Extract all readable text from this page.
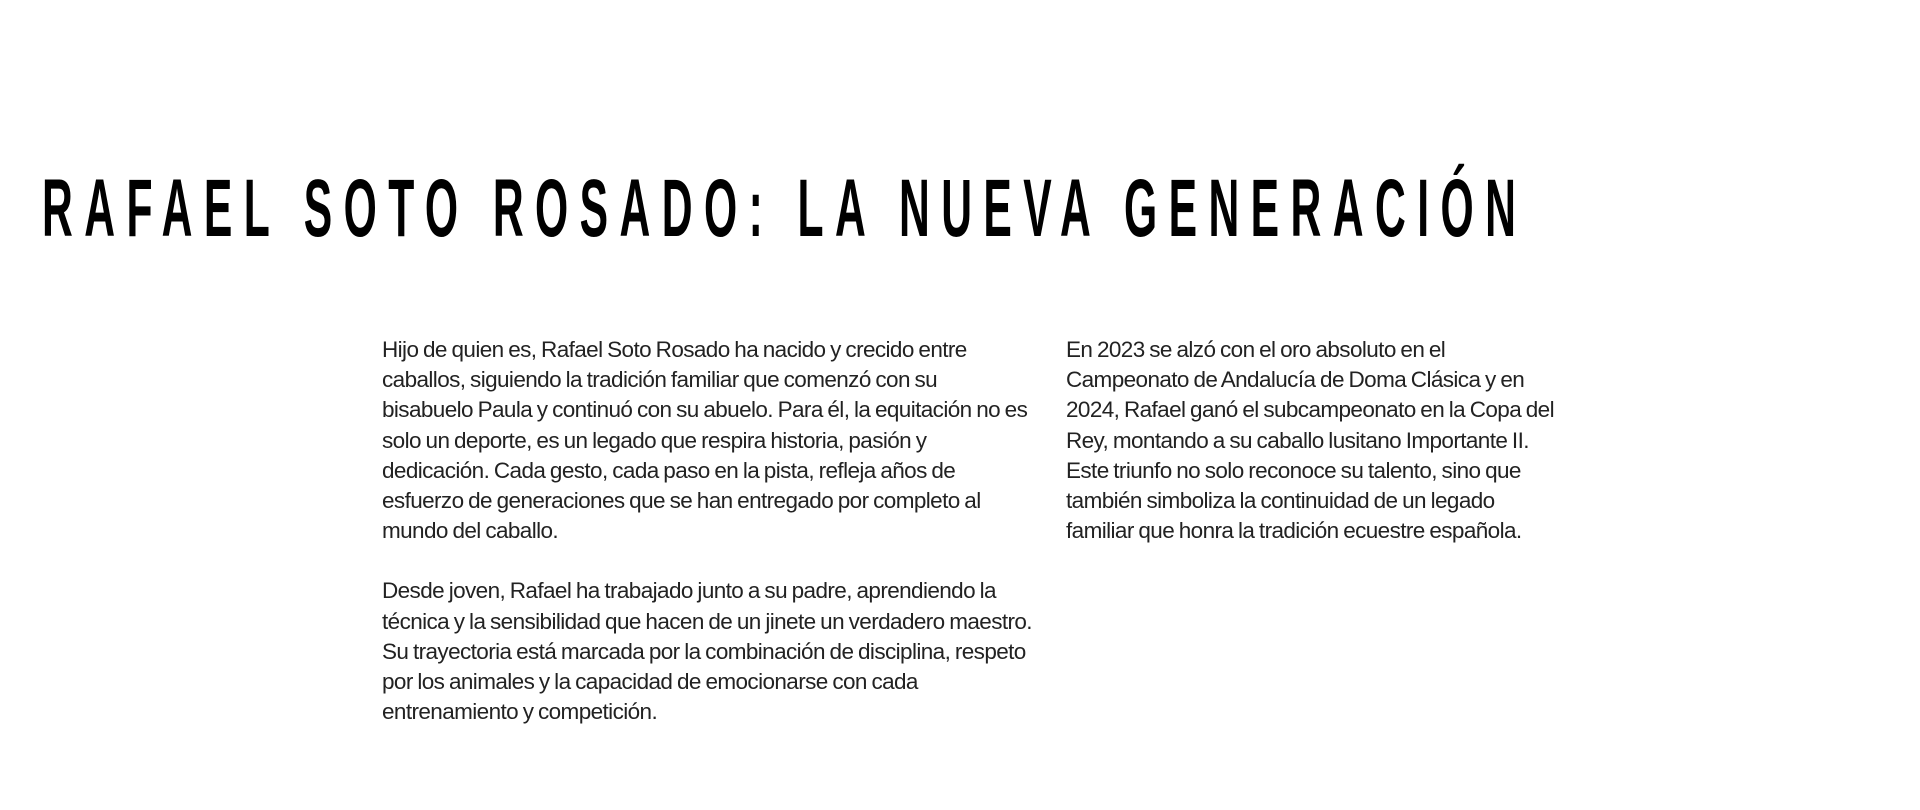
RAFAEL SOTO ROSADO: LA NUEVA GENERACIÓN

Hijo de quien es, Rafael Soto Rosado ha nacido y crecido entre caballos, siguiendo la tradición familiar que comenzó con su bisabuelo Paula y continuó con su abuelo. Para él, la equitación no es solo un deporte, es un legado que respira historia, pasión y dedicación. Cada gesto, cada paso en la pista, refleja años de esfuerzo de generaciones que se han entregado por completo al mundo del caballo.

Desde joven, Rafael ha trabajado junto a su padre, aprendiendo la técnica y la sensibilidad que hacen de un jinete un verdadero maestro. Su trayectoria está marcada por la combinación de disciplina, respeto por los animales y la capacidad de emocionarse con cada entrenamiento y competición.

En 2023 se alzó con el oro absoluto en el Campeonato de Andalucía de Doma Clásica y en 2024, Rafael ganó el subcampeonato en la Copa del Rey, montando a su caballo lusitano Importante II. Este triunfo no solo reconoce su talento, sino que también simboliza la continuidad de un legado familiar que honra la tradición ecuestre española.
